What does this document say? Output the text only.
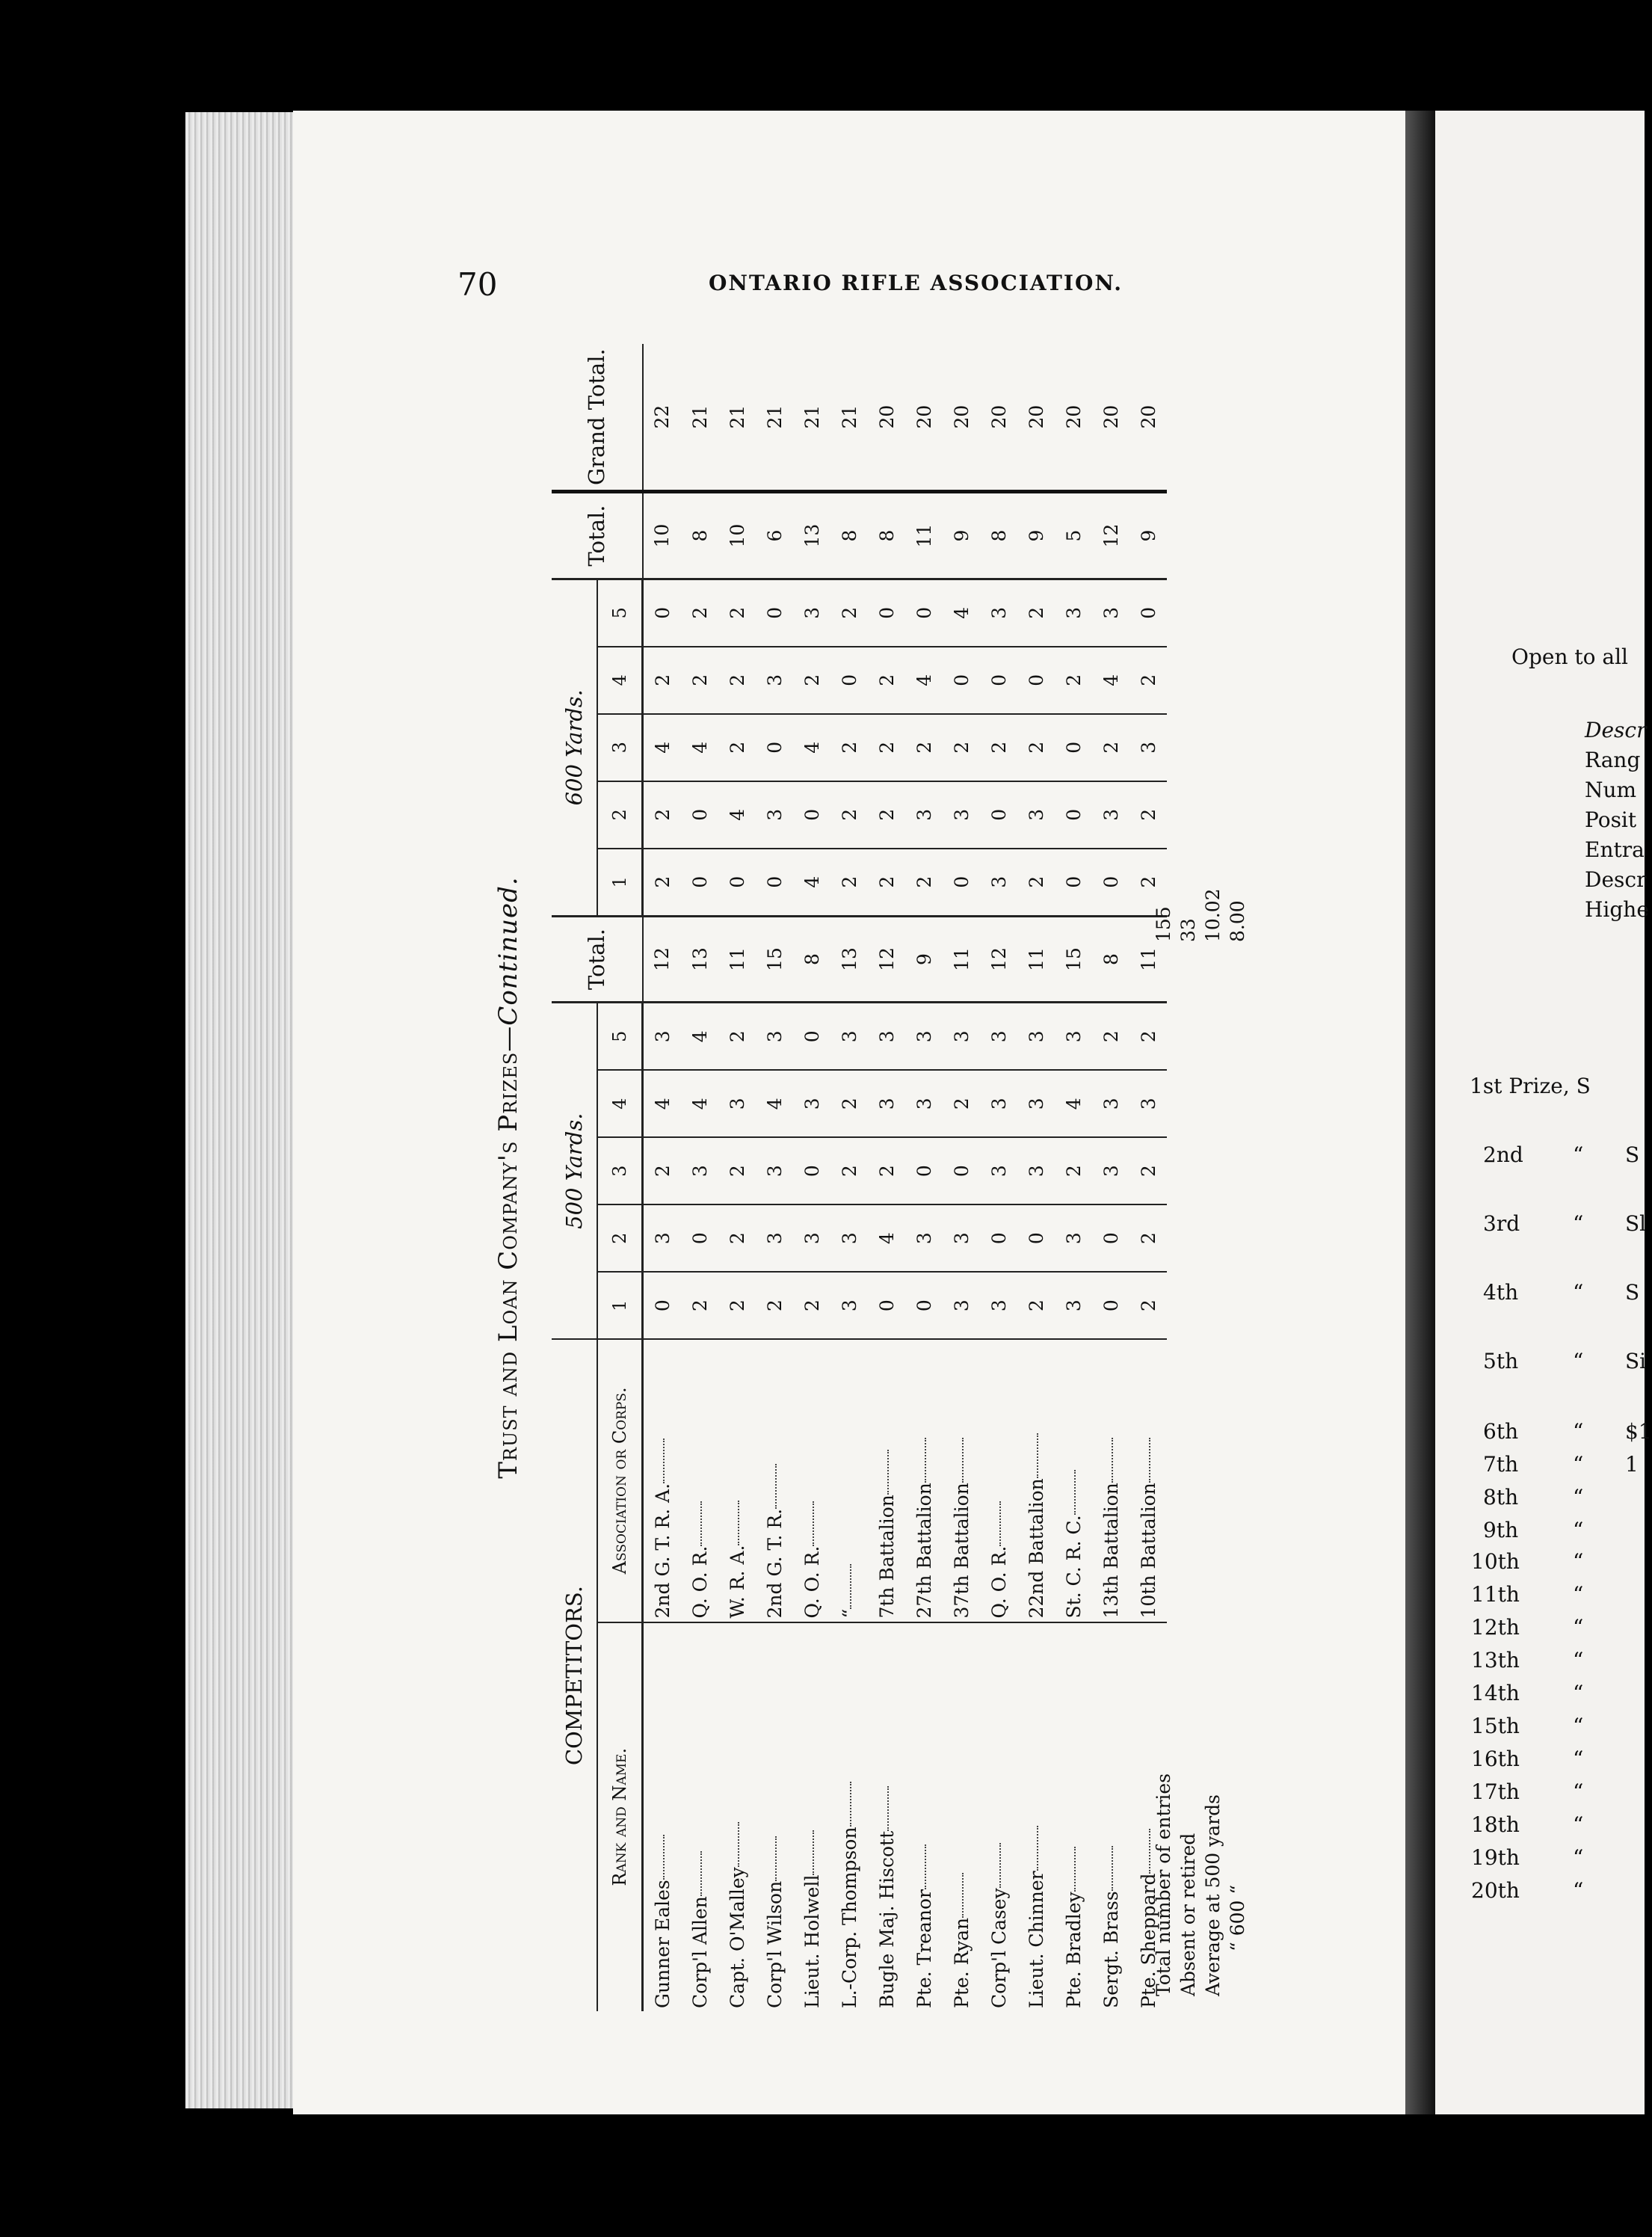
70	ONTARIO RIFLE ASSOCIATION.
Trust and Loan Company's Prizes—Continued.
COMPETITORS.		500 Yards.					Total.	600 Yards.					Total.	Grand Total.
Rank and Name.	Association or Corps.	1	2	3	4	5		1	2	3	4	5		
Gunner Eales	2nd G. T. R. A.	0	3	2	4	3	12	2	2	4	2	0	10	22
Corp'l Allen	Q. O. R.	2	0	3	4	4	13	0	0	4	2	2	8	21
Capt. O'Malley	W. R. A.	2	2	2	3	2	11	0	4	2	2	2	10	21
Corp'l Wilson	2nd G. T. R.	2	3	3	4	3	15	0	3	0	3	0	6	21
Lieut. Holwell	Q. O. R.	2	3	0	3	0	8	4	0	4	2	3	13	21
L.-Corp. Thompson	“	3	3	2	2	3	13	2	2	2	0	2	8	21
Bugle Maj. Hiscott	7th Battalion	0	4	2	3	3	12	2	2	2	2	0	8	20
Pte. Treanor	27th Battalion	0	3	0	3	3	9	2	3	2	4	0	11	20
Pte. Ryan	37th Battalion	3	3	0	2	3	11	0	3	2	0	4	9	20
Corp'l Casey	Q. O. R.	3	0	3	3	3	12	3	0	2	0	3	8	20
Lieut. Chinner	22nd Battalion	2	0	3	3	3	11	2	3	2	0	2	9	20
Pte. Bradley	St. C. R. C.	3	3	2	4	3	15	0	0	0	2	3	5	20
Sergt. Brass	13th Battalion	0	0	3	3	2	8	0	3	2	4	3	12	20
Pte. Sheppard	10th Battalion	2	2	2	3	2	11	2	2	3	2	0	9	20
Total number of entries
155
Absent or retired
33
Average at 500 yards
10.02
“ 600 “
8.00
Open to all
Descr
Rang
Num
Posit
Entra
Descr
Highe
1st Prize, S
2nd “ S
3rd	“ Sl
4th	“ S
5th	“ Si
6th	“ $1
7th	“ 1
8th	“
9th	“
10th	“
11th	“
12th	“
13th	“
14th	“
15th	“
16th	“
17th	“
18th	“
19th	“
20th	“
